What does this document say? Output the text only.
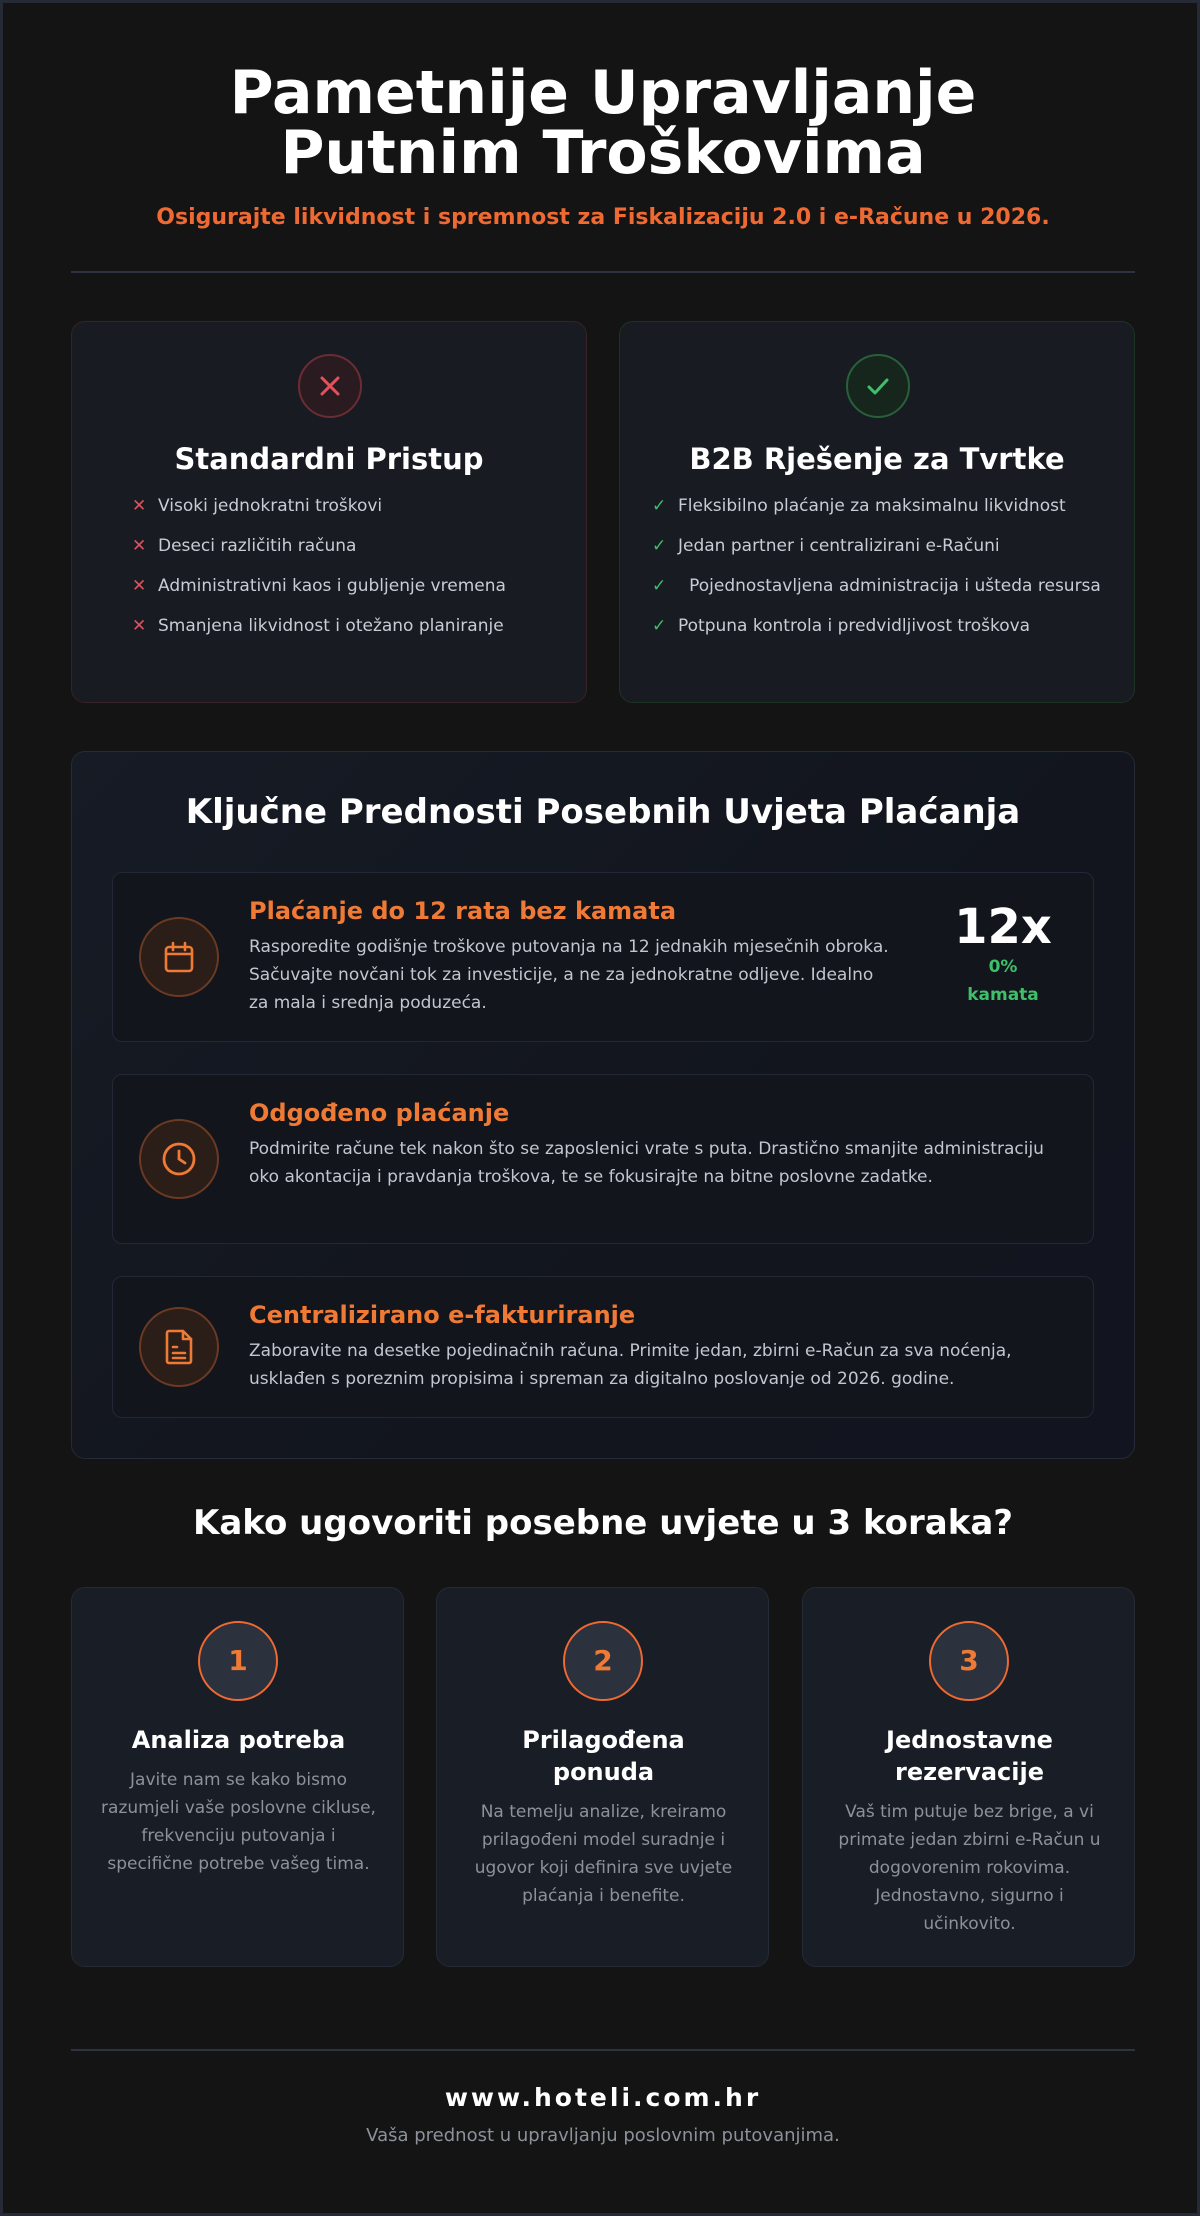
Pametnije Upravljanje Putnim Troškovima
Osigurajte likvidnost i spremnost za Fiskalizaciju 2.0 i e-Račune u 2026.
Standardni Pristup
✕ Visoki jednokratni troškovi
✕ Deseci različitih računa
✕ Administrativni kaos i gubljenje vremena
✕ Smanjena likvidnost i otežano planiranje
B2B Rješenje za Tvrtke
✓ Fleksibilno plaćanje za maksimalnu likvidnost
✓ Jedan partner i centralizirani e-Računi
✓	Pojednostavljena administracija i ušteda resursa
✓ Potpuna kontrola i predvidljivost troškova
Ključne Prednosti Posebnih Uvjeta Plaćanja
Plaćanje do 12 rata bez kamata

Rasporedite godišnje troškove putovanja na 12 jednakih mjesečnih obroka. Sačuvajte novčani tok za investicije, a ne za jednokratne odljeve. Idealno za mala i srednja poduzeća.

12x
0%
kamata
Odgođeno plaćanje

Podmirite račune tek nakon što se zaposlenici vrate s puta. Drastično smanjite administraciju oko akontacija i pravdanja troškova, te se fokusirajte na bitne poslovne zadatke.

Centralizirano e-fakturiranje

Zaboravite na desetke pojedinačnih računa. Primite jedan, zbirni e-Račun za sva noćenja, usklađen s poreznim propisima i spreman za digitalno poslovanje od 2026. godine.

Kako ugovoriti posebne uvjete u 3 koraka?
1
Analiza potreba

Javite nam se kako bismo razumjeli vaše poslovne cikluse, frekvenciju putovanja i specifične potrebe vašeg tima.

2
Prilagođena ponuda

Na temelju analize, kreiramo prilagođeni model suradnje i ugovor koji definira sve uvjete plaćanja i benefite.

3
Jednostavne rezervacije

Vaš tim putuje bez brige, a vi primate jedan zbirni e-Račun u dogovorenim rokovima. Jednostavno, sigurno i učinkovito.

www.hoteli.com.hr
Vaša prednost u upravljanju poslovnim putovanjima.
